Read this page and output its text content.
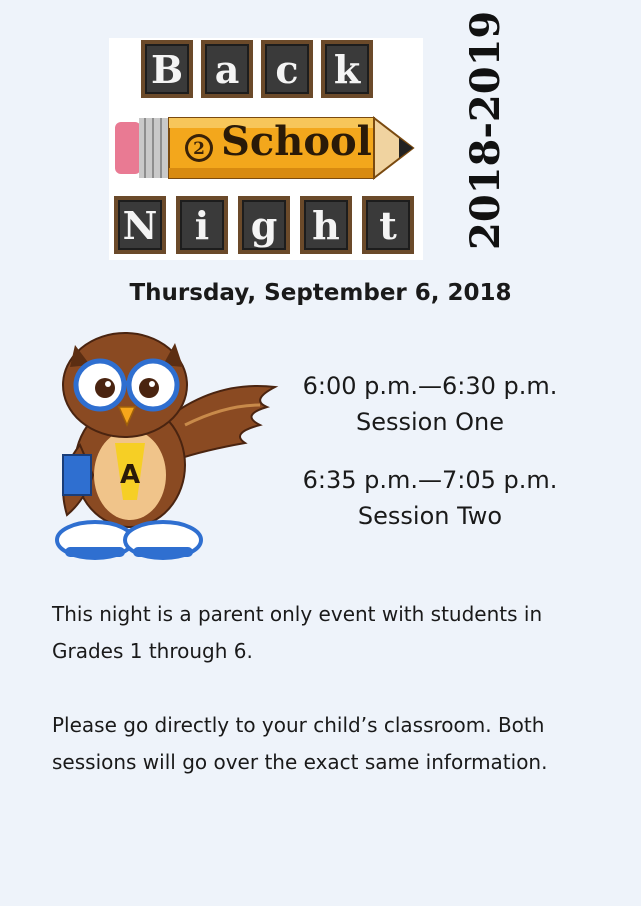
B a c k
2 School
N i	g h	t	2018-2019
Thursday, September 6, 2018
A
6:00 p.m.—6:30 p.m.
Session One
6:35 p.m.—7:05 p.m.
Session Two

This night is a parent only event with students in Grades 1 through 6.

Please go directly to your child’s classroom. Both sessions will go over the exact same information.
